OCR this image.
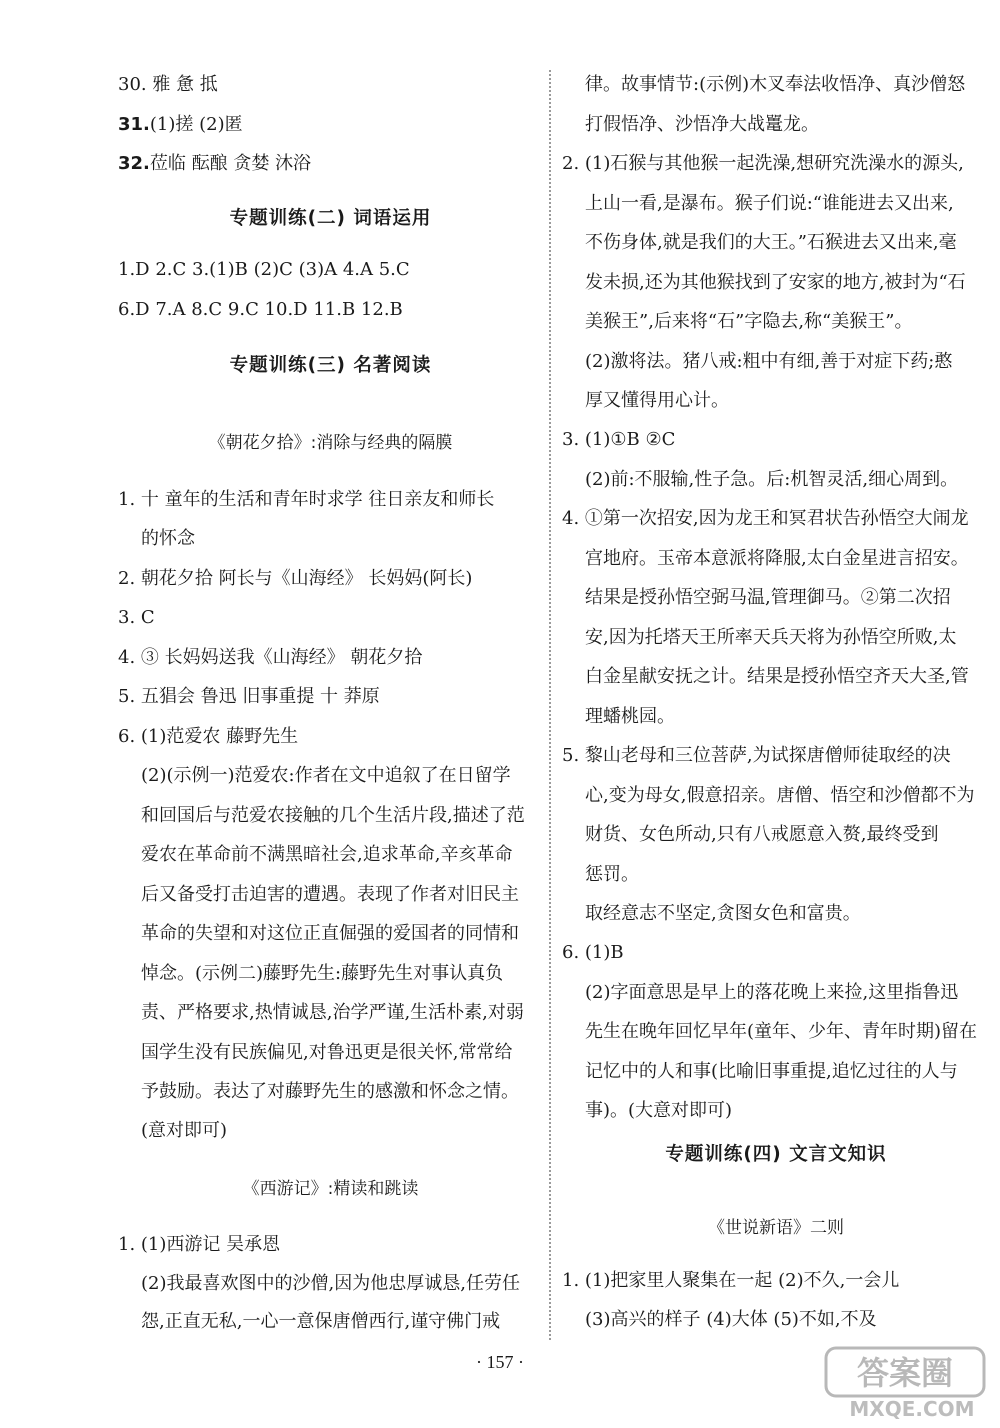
30. 雅 惫 抵
31.(1)搓 (2)匿
32.莅临 酝酿 贪婪 沐浴
专题训练(二) 词语运用
1.D 2.C 3.(1)B (2)C (3)A 4.A 5.C
6.D 7.A 8.C 9.C 10.D 11.B 12.B
专题训练(三) 名著阅读
《朝花夕拾》:消除与经典的隔膜
1. 十 童年的生活和青年时求学 往日亲友和师长
的怀念
2. 朝花夕拾 阿长与《山海经》 长妈妈(阿长)
3. C
4. ③ 长妈妈送我《山海经》 朝花夕拾
5. 五猖会 鲁迅 旧事重提 十 莽原
6. (1)范爱农 藤野先生
(2)(示例一)范爱农:作者在文中追叙了在日留学
和回国后与范爱农接触的几个生活片段,描述了范
爱农在革命前不满黑暗社会,追求革命,辛亥革命
后又备受打击迫害的遭遇。表现了作者对旧民主
革命的失望和对这位正直倔强的爱国者的同情和
悼念。(示例二)藤野先生:藤野先生对事认真负
责、严格要求,热情诚恳,治学严谨,生活朴素,对弱
国学生没有民族偏见,对鲁迅更是很关怀,常常给
予鼓励。表达了对藤野先生的感激和怀念之情。
(意对即可)
《西游记》:精读和跳读
1. (1)西游记 吴承恩
(2)我最喜欢图中的沙僧,因为他忠厚诚恳,任劳任
怨,正直无私,一心一意保唐僧西行,谨守佛门戒
律。故事情节:(示例)木叉奉法收悟净、真沙僧怒
打假悟净、沙悟净大战鼍龙。
2. (1)石猴与其他猴一起洗澡,想研究洗澡水的源头,
上山一看,是瀑布。猴子们说:“谁能进去又出来,
不伤身体,就是我们的大王。”石猴进去又出来,毫
发未损,还为其他猴找到了安家的地方,被封为“石
美猴王”,后来将“石”字隐去,称“美猴王”。
(2)激将法。猪八戒:粗中有细,善于对症下药;憨
厚又懂得用心计。
3. (1)①B ②C
(2)前:不服输,性子急。后:机智灵活,细心周到。
4. ①第一次招安,因为龙王和冥君状告孙悟空大闹龙
宫地府。玉帝本意派将降服,太白金星进言招安。
结果是授孙悟空弼马温,管理御马。②第二次招
安,因为托塔天王所率天兵天将为孙悟空所败,太
白金星献安抚之计。结果是授孙悟空齐天大圣,管
理蟠桃园。
5. 黎山老母和三位菩萨,为试探唐僧师徒取经的决
心,变为母女,假意招亲。唐僧、悟空和沙僧都不为
财货、女色所动,只有八戒愿意入赘,最终受到
惩罚。
取经意志不坚定,贪图女色和富贵。
6. (1)B
(2)字面意思是早上的落花晚上来捡,这里指鲁迅
先生在晚年回忆早年(童年、少年、青年时期)留在
记忆中的人和事(比喻旧事重提,追忆过往的人与
事)。(大意对即可)
专题训练(四) 文言文知识
《世说新语》二则
1. (1)把家里人聚集在一起 (2)不久,一会儿
(3)高兴的样子 (4)大体 (5)不如,不及
· 157 ·	答案圈
MXQE.COM
